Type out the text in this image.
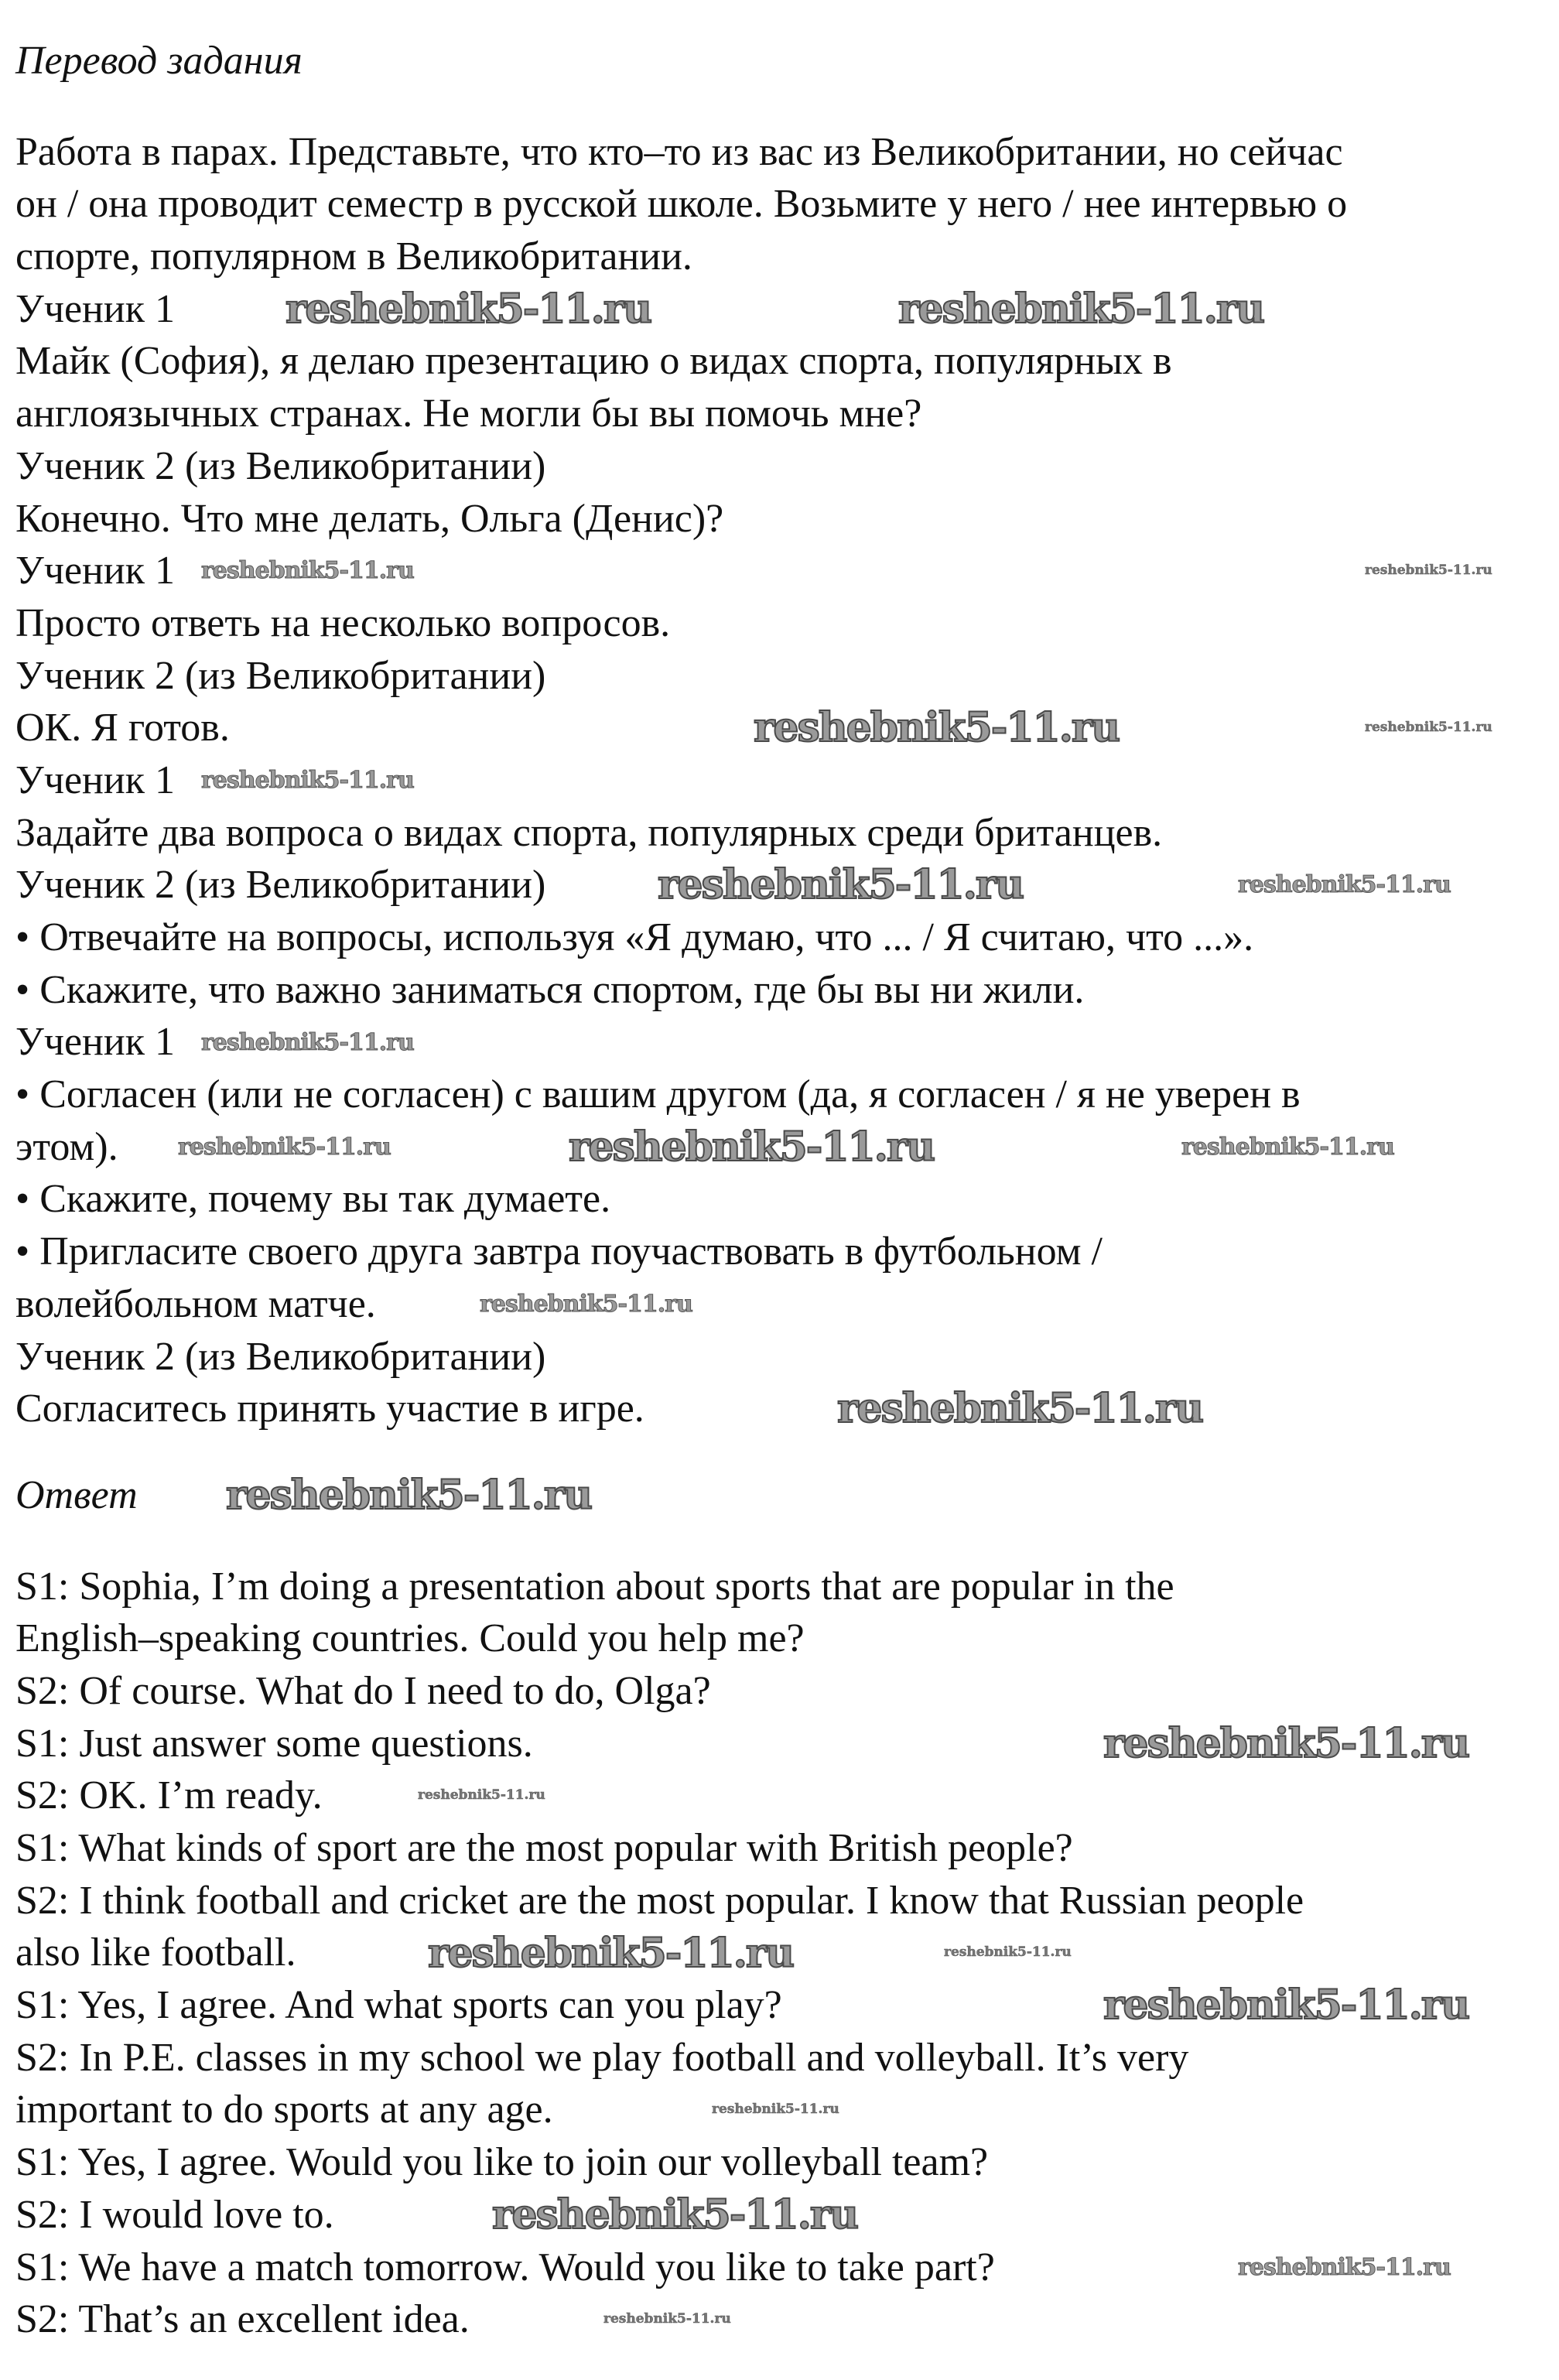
Перевод задания
Работа в парах. Представьте, что кто–то из вас из Великобритании, но сейчас
он / она проводит семестр в русской школе. Возьмите у него / нее интервью о
спорте, популярном в Великобритании.
Ученик 1
Майк (София), я делаю презентацию о видах спорта, популярных в
англоязычных странах. Не могли бы вы помочь мне?
Ученик 2 (из Великобритании)
Конечно. Что мне делать, Ольга (Денис)?
Ученик 1
Просто ответь на несколько вопросов.
Ученик 2 (из Великобритании)
ОК. Я готов.
Ученик 1
Задайте два вопроса о видах спорта, популярных среди британцев.
Ученик 2 (из Великобритании)
• Отвечайте на вопросы, используя «Я думаю, что ... / Я считаю, что ...».
• Скажите, что важно заниматься спортом, где бы вы ни жили.
Ученик 1
• Согласен (или не согласен) с вашим другом (да, я согласен / я не уверен в
этом).
• Скажите, почему вы так думаете.
• Пригласите своего друга завтра поучаствовать в футбольном /
волейбольном матче.
Ученик 2 (из Великобритании)
Согласитесь принять участие в игре.
Ответ
S1: Sophia, I’m doing a presentation about sports that are popular in the
English–speaking countries. Could you help me?
S2: Of course. What do I need to do, Olga?
S1: Just answer some questions.
S2: OK. I’m ready.
S1: What kinds of sport are the most popular with British people?
S2: I think football and cricket are the most popular. I know that Russian people
also like football.
S1: Yes, I agree. And what sports can you play?
S2: In P.E. classes in my school we play football and volleyball. It’s very
important to do sports at any age.
S1: Yes, I agree. Would you like to join our volleyball team?
S2: I would love to.
S1: We have a match tomorrow. Would you like to take part?
S2: That’s an excellent idea.
reshebnik5-11.ru	reshebnik5-11.ru
reshebnik5-11.ru	reshebnik5-11.ru
reshebnik5-11.ru	reshebnik5-11.ru
reshebnik5-11.ru
reshebnik5-11.ru	reshebnik5-11.ru
reshebnik5-11.ru
reshebnik5-11.ru	reshebnik5-11.ru	reshebnik5-11.ru
reshebnik5-11.ru
reshebnik5-11.ru
reshebnik5-11.ru
reshebnik5-11.ru
reshebnik5-11.ru
reshebnik5-11.ru
reshebnik5-11.ru
reshebnik5-11.ru
reshebnik5-11.ru
reshebnik5-11.ru
reshebnik5-11.ru
reshebnik5-11.ru
